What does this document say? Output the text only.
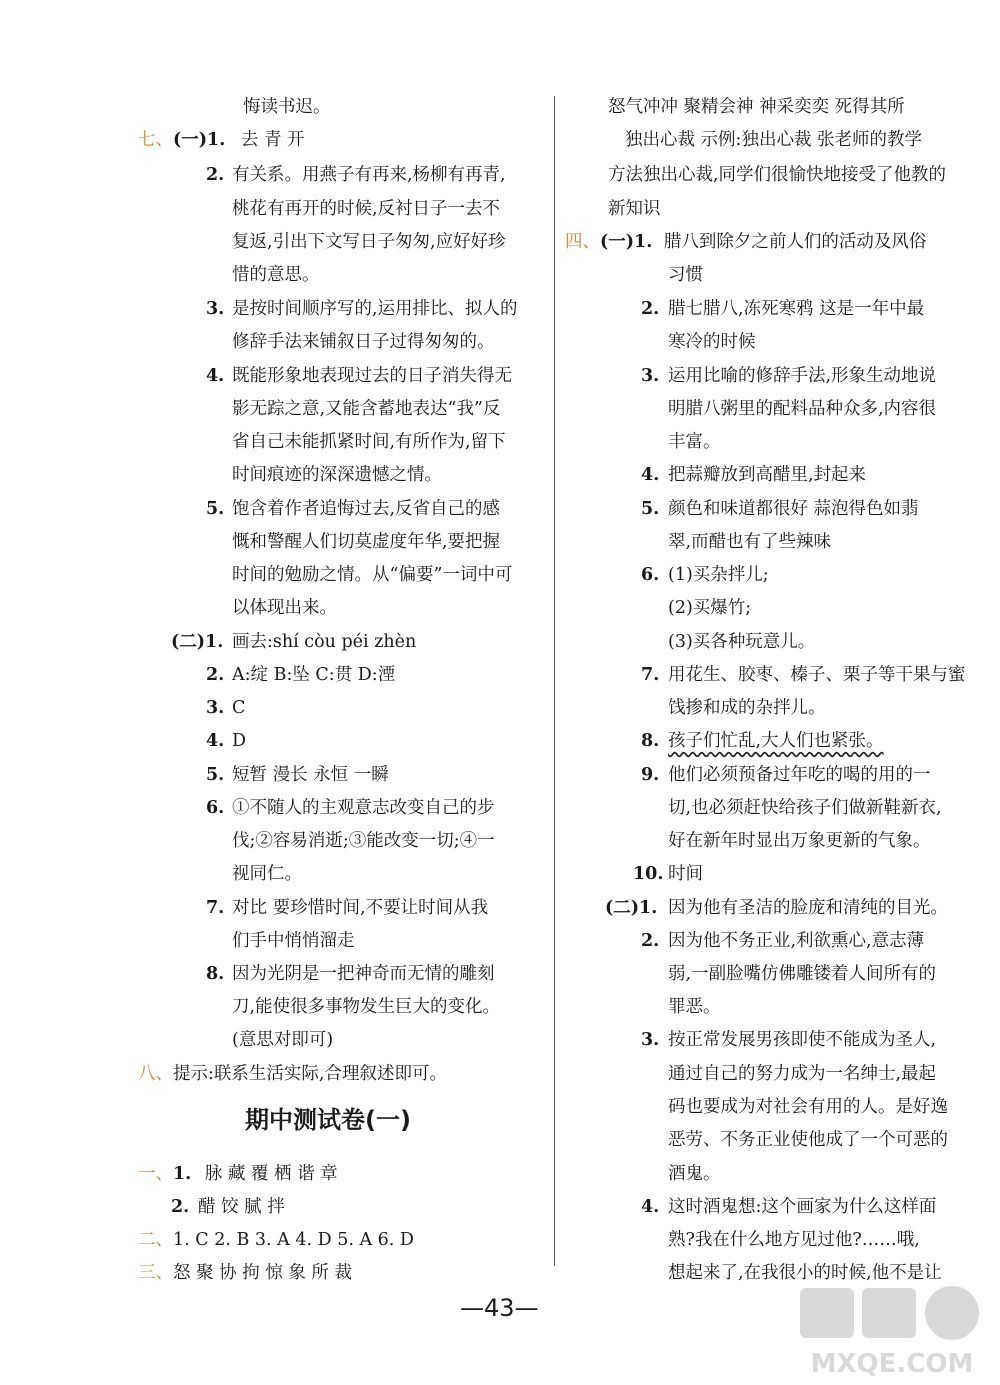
悔读书迟。
七、(一)1. 去 青 开
2. 有关系。用燕子有再来,杨柳有再青,
桃花有再开的时候,反衬日子一去不
复返,引出下文写日子匆匆,应好好珍
惜的意思。
3. 是按时间顺序写的,运用排比、拟人的
修辞手法来铺叙日子过得匆匆的。
4. 既能形象地表现过去的日子消失得无
影无踪之意,又能含蓄地表达“我”反
省自己未能抓紧时间,有所作为,留下
时间痕迹的深深遗憾之情。
5. 饱含着作者追悔过去,反省自己的感
慨和警醒人们切莫虚度年华,要把握
时间的勉励之情。从“偏要”一词中可
以体现出来。
(二)1. 画去:shí còu péi zhèn
2. A:绽 B:坠 C:贯 D:湮
3. C
4. D
5. 短暂 漫长 永恒 一瞬
6. ①不随人的主观意志改变自己的步
伐;②容易消逝;③能改变一切;④一
视同仁。
7. 对比 要珍惜时间,不要让时间从我
们手中悄悄溜走
8. 因为光阴是一把神奇而无情的雕刻
刀,能使很多事物发生巨大的变化。
(意思对即可)
八、提示:联系生活实际,合理叙述即可。
一、1. 脉 藏 覆 栖 谐 章
2. 醋 饺 腻 拌
二、1. C 2. B 3. A 4. D 5. A 6. D
三、怒 聚 协 拘 惊 象 所 裁
期中测试卷(一)
怒气冲冲 聚精会神 神采奕奕 死得其所
独出心裁 示例:独出心裁 张老师的教学
方法独出心裁,同学们很愉快地接受了他教的
新知识
四、(一)1. 腊八到除夕之前人们的活动及风俗
习惯
2. 腊七腊八,冻死寒鸦 这是一年中最
寒冷的时候
3. 运用比喻的修辞手法,形象生动地说
明腊八粥里的配料品种众多,内容很
丰富。
4. 把蒜瓣放到高醋里,封起来
5. 颜色和味道都很好 蒜泡得色如翡
翠,而醋也有了些辣味
6. (1)买杂拌儿;
(2)买爆竹;
(3)买各种玩意儿。
7. 用花生、胶枣、榛子、栗子等干果与蜜
饯掺和成的杂拌儿。
8. 孩子们忙乱,大人们也紧张。
9. 他们必须预备过年吃的喝的用的一
切,也必须赶快给孩子们做新鞋新衣,
好在新年时显出万象更新的气象。
10. 时间
(二)1. 因为他有圣洁的脸庞和清纯的目光。
2. 因为他不务正业,利欲熏心,意志薄
弱,一副脸嘴仿佛雕镂着人间所有的
罪恶。
3. 按正常发展男孩即使不能成为圣人,
通过自己的努力成为一名绅士,最起
码也要成为对社会有用的人。是好逸
恶劳、不务正业使他成了一个可恶的
酒鬼。
4. 这时酒鬼想:这个画家为什么这样面
熟?我在什么地方见过他?……哦,
想起来了,在我很小的时候,他不是让
—43—
MXQE.COM
